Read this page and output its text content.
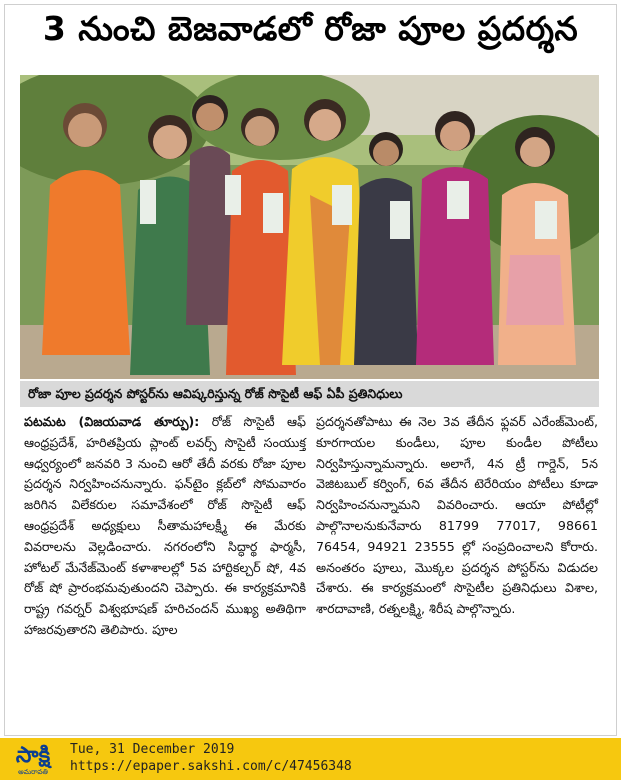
3 నుంచి బెజవాడలో రోజా పూల ప్రదర్శన
రోజా పూల ప్రదర్శన పోస్టర్‌ను ఆవిష్కరిస్తున్న రోజ్ సొసైటీ ఆఫ్ ఏపీ ప్రతినిధులు
పటమట (విజయవాడ తూర్పు): రోజ్ సొసైటీ ఆఫ్ ఆంధ్రప్రదేశ్, హరితప్రియ ప్లాంట్ లవర్స్ సొసైటీ సంయుక్త ఆధ్వర్యంలో జనవరి 3 నుంచి ఆరో తేదీ వరకు రోజా పూల ప్రదర్శన నిర్వహించనున్నారు. ఫన్‌టైం క్లబ్‌లో సోమవారం జరిగిన విలేకరుల సమావేశంలో రోజ్ సొసైటీ ఆఫ్ ఆంధ్రప్రదేశ్ అధ్యక్షులు సీతామహాలక్ష్మీ ఈ మేరకు వివరాలను వెల్లడించారు. నగరంలోని సిద్ధార్థ ఫార్మసీ, హోటల్ మేనేజ్‌మెంట్ కళాశాలల్లో 5వ హార్టికల్చర్ షో, 4వ రోజ్ షో ప్రారంభమవుతుందని చెప్పారు. ఈ కార్యక్రమానికి రాష్ట్ర గవర్నర్ విశ్వభూషణ్ హరిచందన్ ముఖ్య అతిథిగా హాజరవుతారని తెలిపారు. పూల
ప్రదర్శనతోపాటు ఈ నెల 3వ తేదీన ఫ్లవర్ ఎరేంజ్‌మెంట్, కూరగాయల కుండీలు, పూల కుండీల పోటీలు నిర్వహిస్తున్నామన్నారు. అలాగే, 4న ట్రీ గార్డెన్, 5న వెజిటబుల్ కర్వింగ్, 6వ తేదీన టెరేరియం పోటీలు కూడా నిర్వహించనున్నామని వివరించారు. ఆయా పోటీల్లో పాల్గొనాలనుకునేవారు 81799 77017, 98661 76454, 94921 23555 ల్లో సంప్రదించాలని కోరారు. అనంతరం పూలు, మొక్కల ప్రదర్శన పోస్టర్‌ను విడుదల చేశారు. ఈ కార్యక్రమంలో సొసైటీల ప్రతినిధులు విశాల, శారదావాణి, రత్నలక్ష్మి, శిరీష పాల్గొన్నారు.
సాక్షి
అమరావతి
Tue, 31 December 2019
https://epaper.sakshi.com/c/47456348
